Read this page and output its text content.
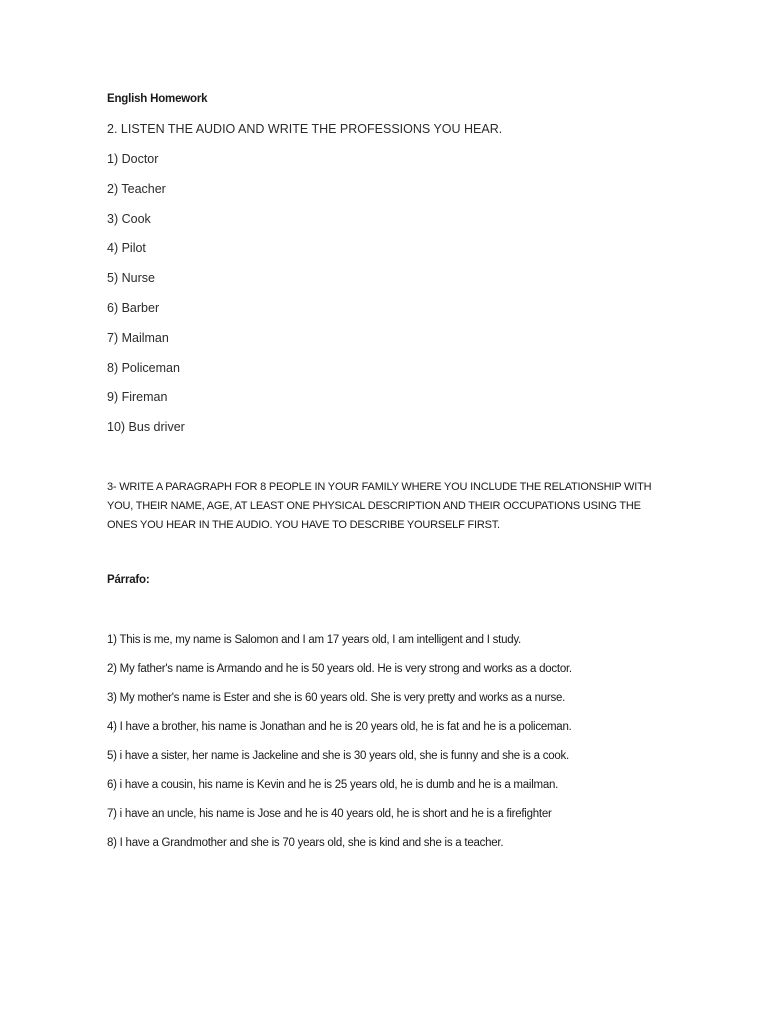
English Homework
2. LISTEN THE AUDIO AND WRITE THE PROFESSIONS YOU HEAR.
1) Doctor
2) Teacher
3) Cook
4) Pilot
5) Nurse
6) Barber
7) Mailman
8) Policeman
9) Fireman
10) Bus driver
3- WRITE A PARAGRAPH FOR 8 PEOPLE IN YOUR FAMILY WHERE YOU INCLUDE THE RELATIONSHIP WITH YOU, THEIR NAME, AGE, AT LEAST ONE PHYSICAL DESCRIPTION AND THEIR OCCUPATIONS USING THE ONES YOU HEAR IN THE AUDIO. YOU HAVE TO DESCRIBE YOURSELF FIRST.
Párrafo:
1) This is me, my name is Salomon and I am 17 years old, I am intelligent and I study.
2) My father's name is Armando and he is 50 years old. He is very strong and works as a doctor.
3) My mother's name is Ester and she is 60 years old. She is very pretty and works as a nurse.
4) I have a brother, his name is Jonathan and he is 20 years old, he is fat and he is a policeman.
5) i have a sister, her name is Jackeline and she is 30 years old, she is funny and she is a cook.
6) i have a cousin, his name is Kevin and he is 25 years old, he is dumb and he is a mailman.
7) i have an uncle, his name is Jose and he is 40 years old, he is short and he is a firefighter
8) I have a Grandmother and she is 70 years old, she is kind and she is a teacher.
